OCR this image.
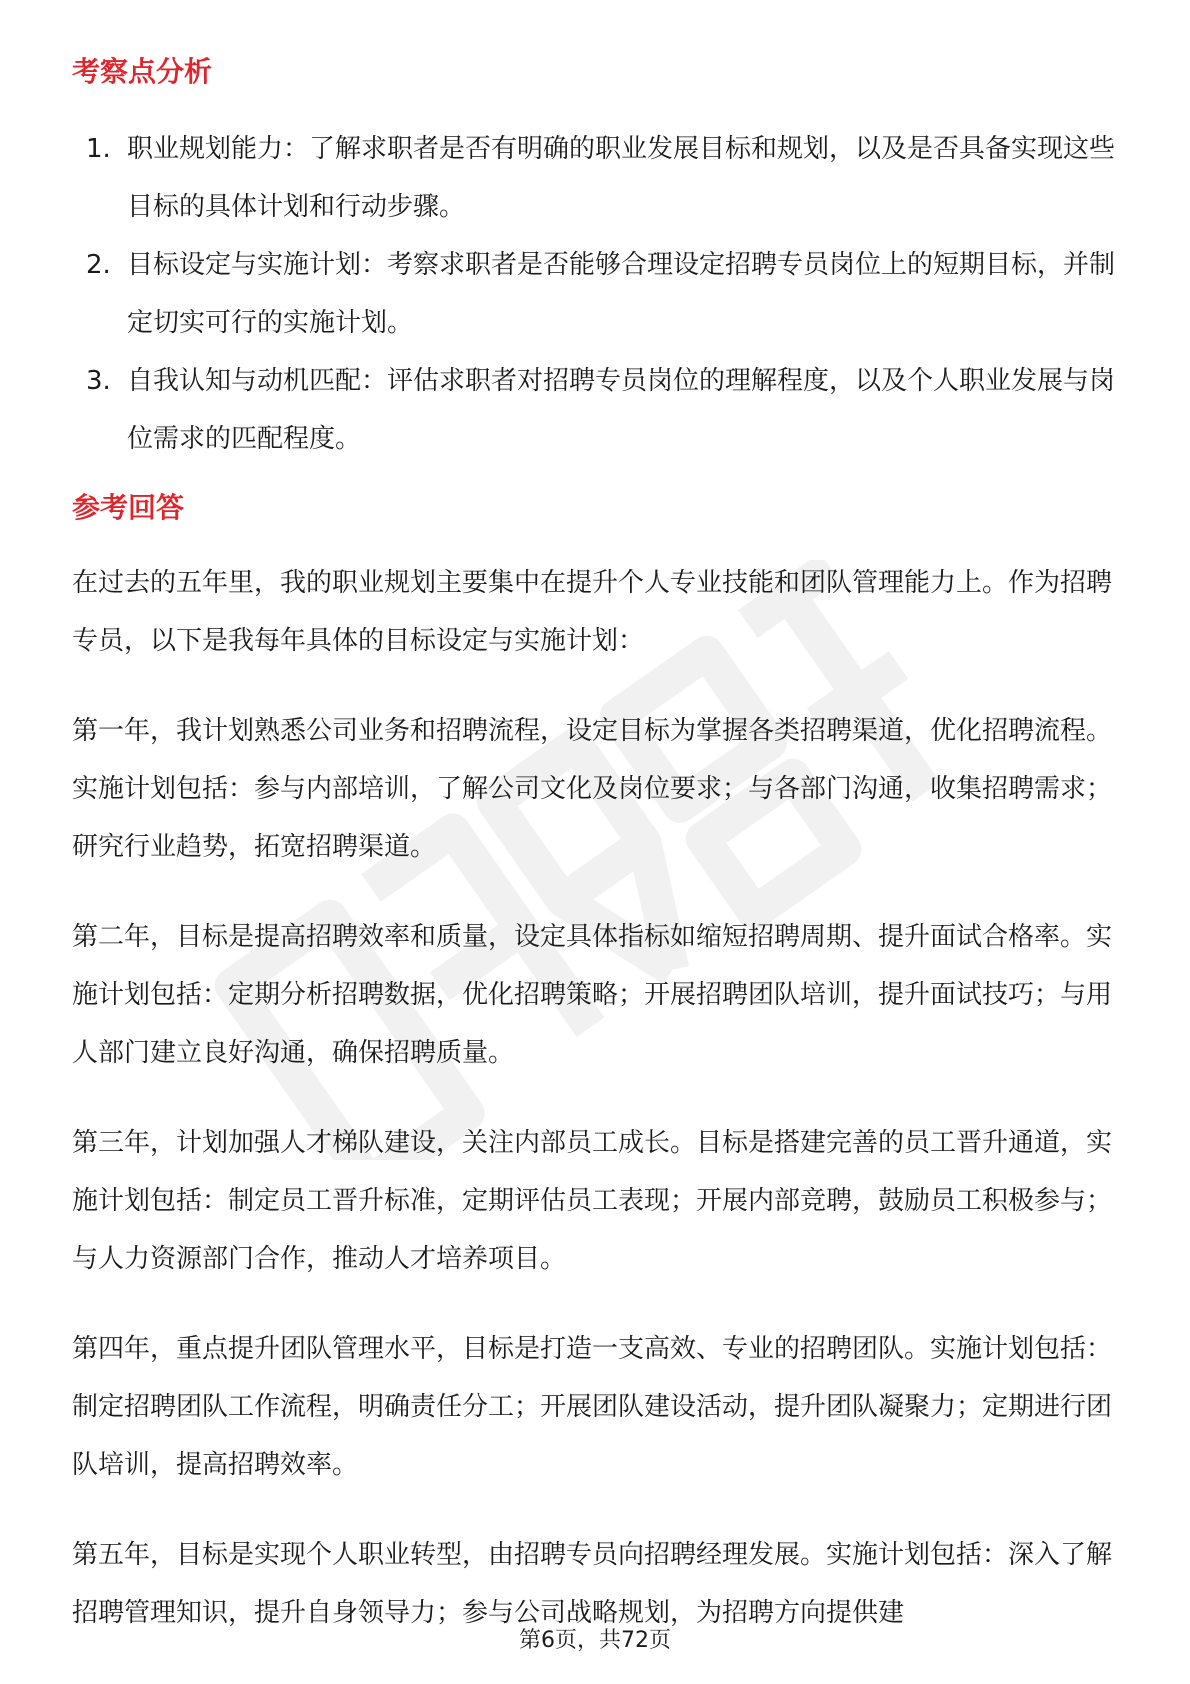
考察点分析
1. 职业规划能力：了解求职者是否有明确的职业发展目标和规划，以及是否具备实现这些目标的具体计划和行动步骤。
2. 目标设定与实施计划：考察求职者是否能够合理设定招聘专员岗位上的短期目标，并制定切实可行的实施计划。
3. 自我认知与动机匹配：评估求职者对招聘专员岗位的理解程度，以及个人职业发展与岗位需求的匹配程度。
参考回答

在过去的五年里，我的职业规划主要集中在提升个人专业技能和团队管理能力上。作为招聘专员，以下是我每年具体的目标设定与实施计划：

第一年，我计划熟悉公司业务和招聘流程，设定目标为掌握各类招聘渠道，优化招聘流程。实施计划包括：参与内部培训，了解公司文化及岗位要求；与各部门沟通，收集招聘需求；研究行业趋势，拓宽招聘渠道。

第二年，目标是提高招聘效率和质量，设定具体指标如缩短招聘周期、提升面试合格率。实施计划包括：定期分析招聘数据，优化招聘策略；开展招聘团队培训，提升面试技巧；与用人部门建立良好沟通，确保招聘质量。

第三年，计划加强人才梯队建设，关注内部员工成长。目标是搭建完善的员工晋升通道，实施计划包括：制定员工晋升标准，定期评估员工表现；开展内部竞聘，鼓励员工积极参与；与人力资源部门合作，推动人才培养项目。

第四年，重点提升团队管理水平，目标是打造一支高效、专业的招聘团队。实施计划包括：制定招聘团队工作流程，明确责任分工；开展团队建设活动，提升团队凝聚力；定期进行团队培训，提高招聘效率。

第五年，目标是实现个人职业转型，由招聘专员向招聘经理发展。实施计划包括：深入了解招聘管理知识，提升自身领导力；参与公司战略规划，为招聘方向提供建

第6页，共72页
